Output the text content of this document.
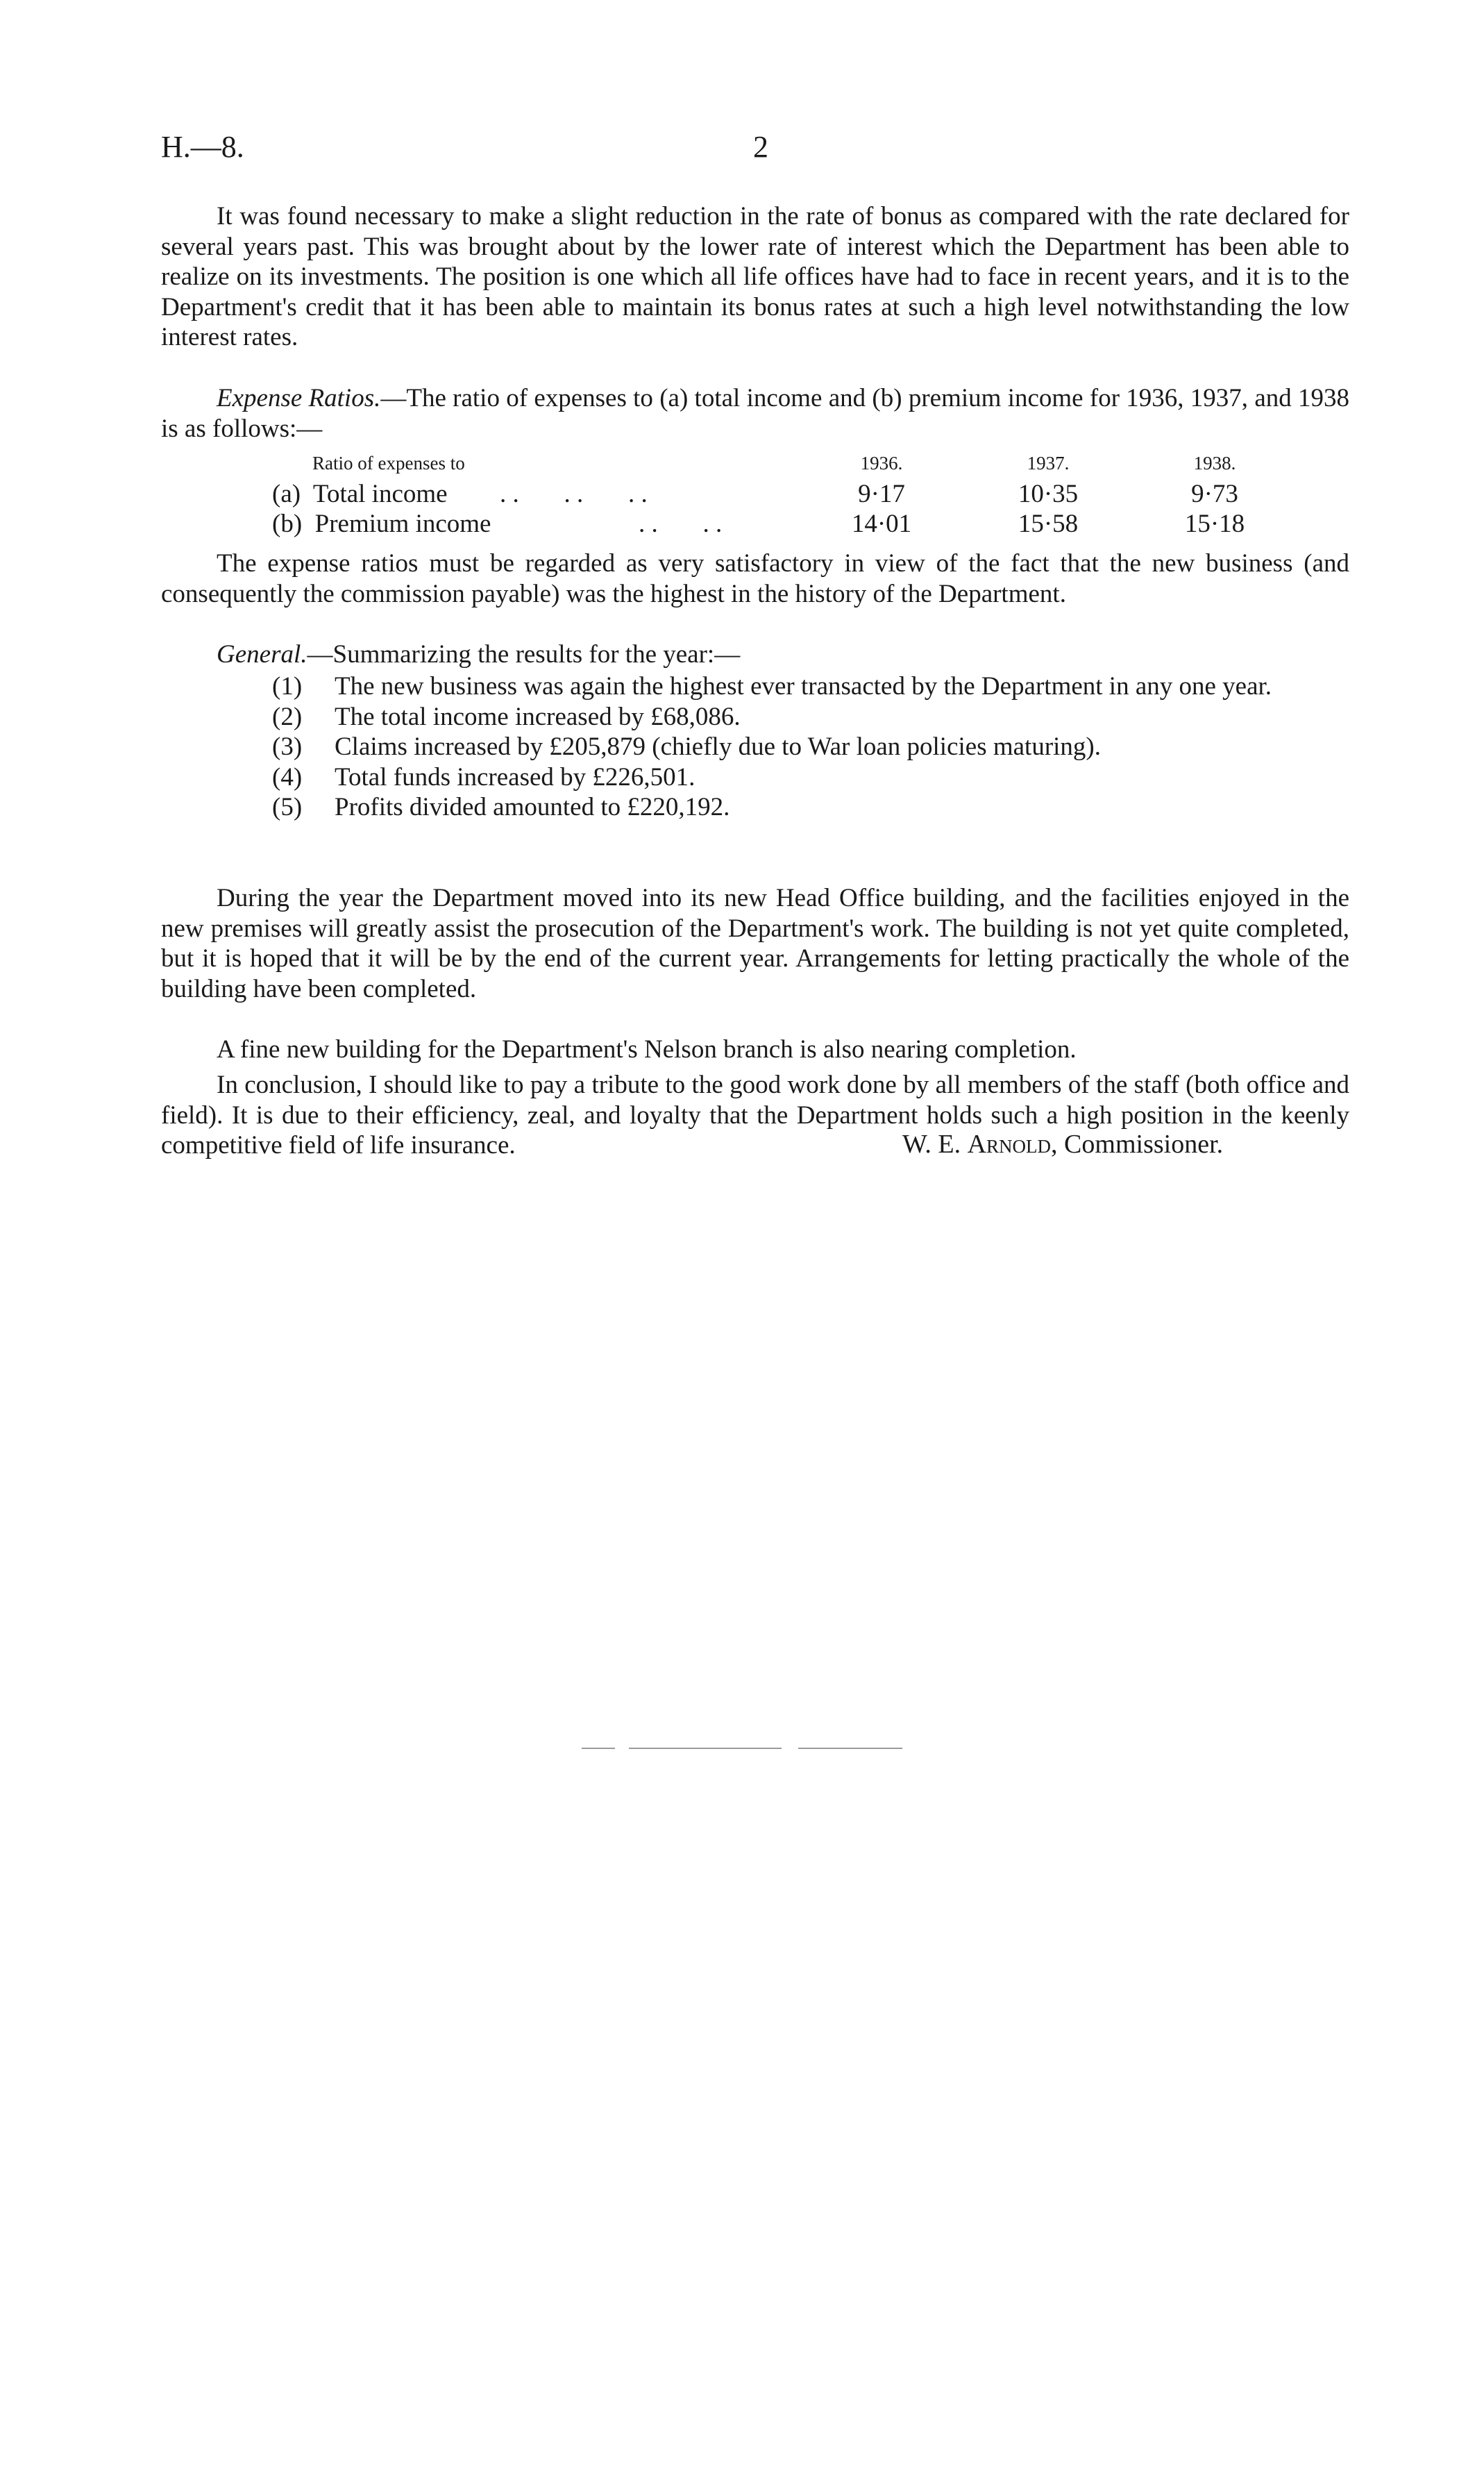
H.—8.	2

It was found necessary to make a slight reduction in the rate of bonus as compared with the rate declared for several years past. This was brought about by the lower rate of interest which the Department has been able to realize on its investments. The position is one which all life offices have had to face in recent years, and it is to the Department's credit that it has been able to maintain its bonus rates at such a high level notwithstanding the low interest rates.

Expense Ratios.—The ratio of expenses to (a) total income and (b) premium income for 1936, 1937, and 1938 is as follows:—

Ratio of expenses to	1936.	1937.	1938.
(a) Total income . .       . .       . .	9·17	10·35	9·73
(b) Premium income . .       . .	14·01	15·58	15·18

The expense ratios must be regarded as very satisfactory in view of the fact that the new business (and consequently the commission payable) was the highest in the history of the Department.

General.—Summarizing the results for the year:—

(1) The new business was again the highest ever transacted by the Department in any one year.
(2) The total income increased by £68,086.
(3) Claims increased by £205,879 (chiefly due to War loan policies maturing).
(4) Total funds increased by £226,501.
(5) Profits divided amounted to £220,192.

During the year the Department moved into its new Head Office building, and the facilities enjoyed in the new premises will greatly assist the prosecution of the Department's work. The building is not yet quite completed, but it is hoped that it will be by the end of the current year. Arrangements for letting practically the whole of the building have been completed.

A fine new building for the Department's Nelson branch is also nearing completion.

In conclusion, I should like to pay a tribute to the good work done by all members of the staff (both office and field). It is due to their efficiency, zeal, and loyalty that the Department holds such a high position in the keenly competitive field of life insurance.	W. E. Arnold, Commissioner.
